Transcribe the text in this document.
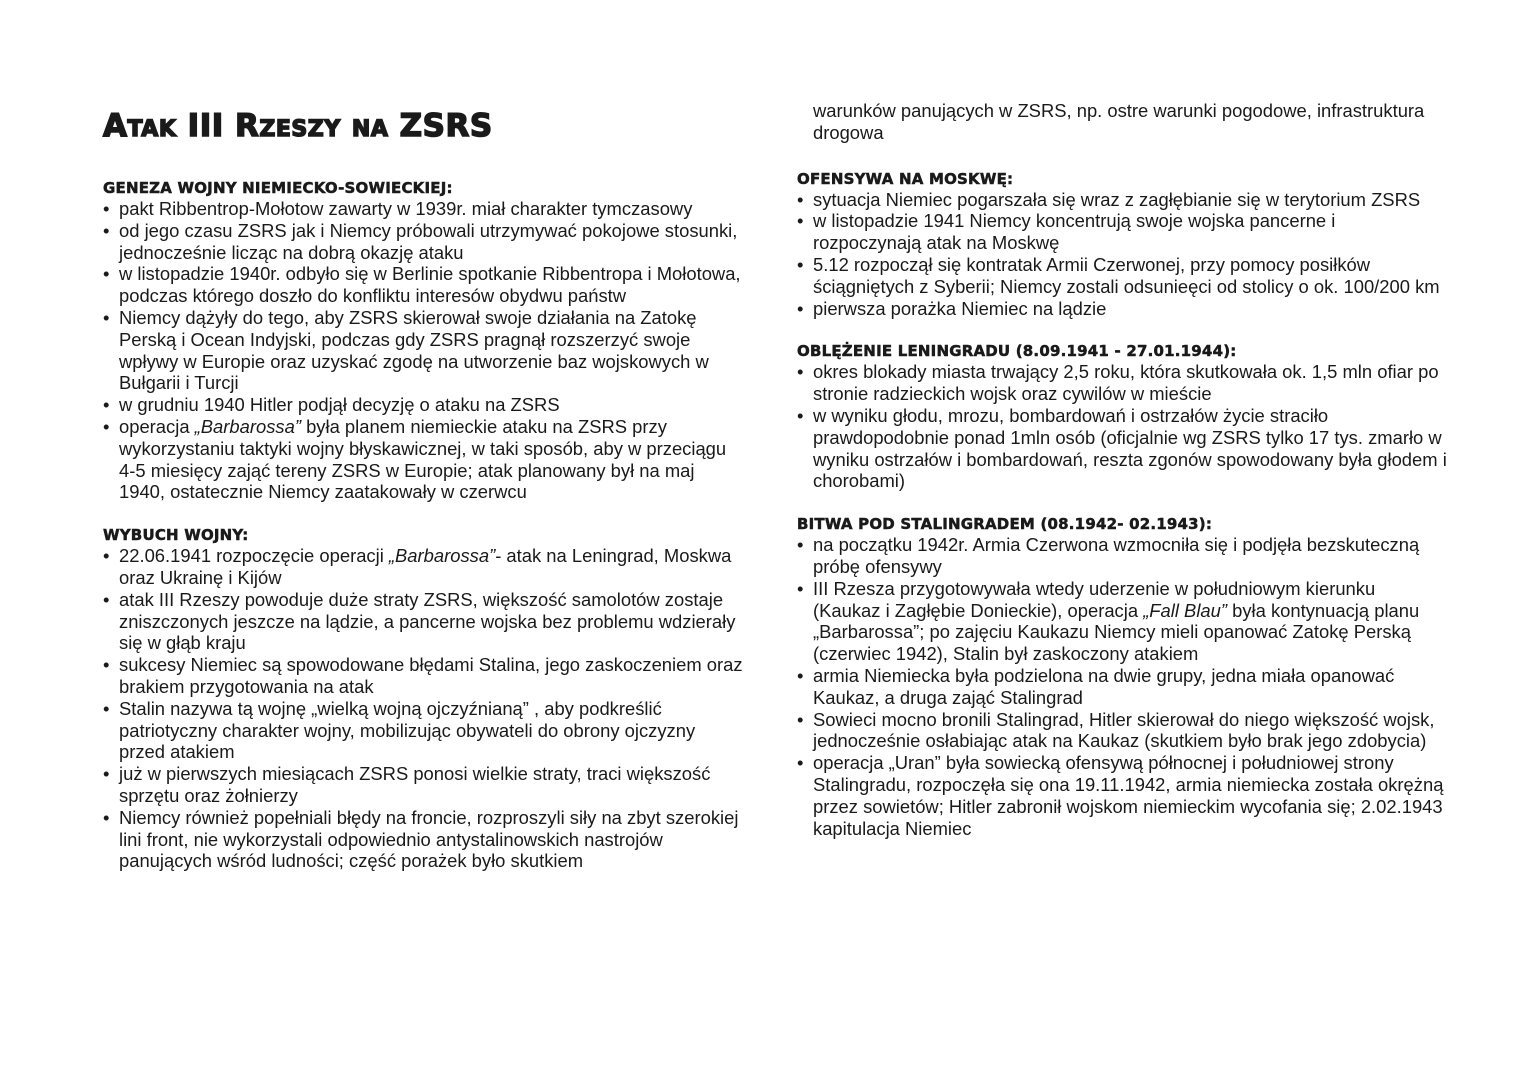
Atak III Rzeszy na ZSRS
GENEZA WOJNY NIEMIECKO-SOWIECKIEJ:
• pakt Ribbentrop-Mołotow zawarty w 1939r. miał charakter tymczasowy
• od jego czasu ZSRS jak i Niemcy próbowali utrzymywać pokojowe stosunki, jednocześnie licząc na dobrą okazję ataku
• w listopadzie 1940r. odbyło się w Berlinie spotkanie Ribbentropa i Mołotowa, podczas którego doszło do konfliktu interesów obydwu państw
• Niemcy dążyły do tego, aby ZSRS skierował swoje działania na Zatokę Perską i Ocean Indyjski, podczas gdy ZSRS pragnął rozszerzyć swoje wpływy w Europie oraz uzyskać zgodę na utworzenie baz wojskowych w Bułgarii i Turcji
• w grudniu 1940 Hitler podjął decyzję o ataku na ZSRS
• operacja „Barbarossa” była planem niemieckie ataku na ZSRS przy wykorzystaniu taktyki wojny błyskawicznej, w taki sposób, aby w przeciągu 4-5 miesięcy zająć tereny ZSRS w Europie; atak planowany był na maj 1940, ostatecznie Niemcy zaatakowały w czerwcu
WYBUCH WOJNY:
• 22.06.1941 rozpoczęcie operacji „Barbarossa”- atak na Leningrad, Moskwa oraz Ukrainę i Kijów
• atak III Rzeszy powoduje duże straty ZSRS, większość samolotów zostaje zniszczonych jeszcze na lądzie, a pancerne wojska bez problemu wdzierały się w głąb kraju
• sukcesy Niemiec są spowodowane błędami Stalina, jego zaskoczeniem oraz brakiem przygotowania na atak
• Stalin nazywa tą wojnę „wielką wojną ojczyźnianą” , aby podkreślić patriotyczny charakter wojny, mobilizując obywateli do obrony ojczyzny przed atakiem
• już w pierwszych miesiącach ZSRS ponosi wielkie straty, traci większość sprzętu oraz żołnierzy
• Niemcy również popełniali błędy na froncie, rozproszyli siły na zbyt szerokiej lini front, nie wykorzystali odpowiednio antystalinowskich nastrojów panujących wśród ludności; część porażek było skutkiem
warunków panujących w ZSRS, np. ostre warunki pogodowe, infrastruktura drogowa
OFENSYWA NA MOSKWĘ:
• sytuacja Niemiec pogarszała się wraz z zagłębianie się w terytorium ZSRS
• w listopadzie 1941 Niemcy koncentrują swoje wojska pancerne i rozpoczynają atak na Moskwę
• 5.12 rozpoczął się kontratak Armii Czerwonej, przy pomocy posiłków ściągniętych z Syberii; Niemcy zostali odsunieęci od stolicy o ok. 100/200 km
• pierwsza porażka Niemiec na lądzie
OBLĘŻENIE LENINGRADU (8.09.1941 - 27.01.1944):
• okres blokady miasta trwający 2,5 roku, która skutkowała ok. 1,5 mln ofiar po stronie radzieckich wojsk oraz cywilów w mieście
• w wyniku głodu, mrozu, bombardowań i ostrzałów życie straciło prawdopodobnie ponad 1mln osób (oficjalnie wg ZSRS tylko 17 tys. zmarło w wyniku ostrzałów i bombardowań, reszta zgonów spowodowany była głodem i chorobami)
BITWA POD STALINGRADEM (08.1942- 02.1943):
• na początku 1942r. Armia Czerwona wzmocniła się i podjęła bezskuteczną próbę ofensywy
• III Rzesza przygotowywała wtedy uderzenie w południowym kierunku (Kaukaz i Zagłębie Donieckie), operacja „Fall Blau” była kontynuacją planu „Barbarossa”; po zajęciu Kaukazu Niemcy mieli opanować Zatokę Perską (czerwiec 1942), Stalin był zaskoczony atakiem
• armia Niemiecka była podzielona na dwie grupy, jedna miała opanować Kaukaz, a druga zająć Stalingrad
• Sowieci mocno bronili Stalingrad, Hitler skierował do niego większość wojsk, jednocześnie osłabiając atak na Kaukaz (skutkiem było brak jego zdobycia)
• operacja „Uran” była sowiecką ofensywą północnej i południowej strony Stalingradu, rozpoczęła się ona 19.11.1942, armia niemiecka została okrężną przez sowietów; Hitler zabronił wojskom niemieckim wycofania się; 2.02.1943 kapitulacja Niemiec
